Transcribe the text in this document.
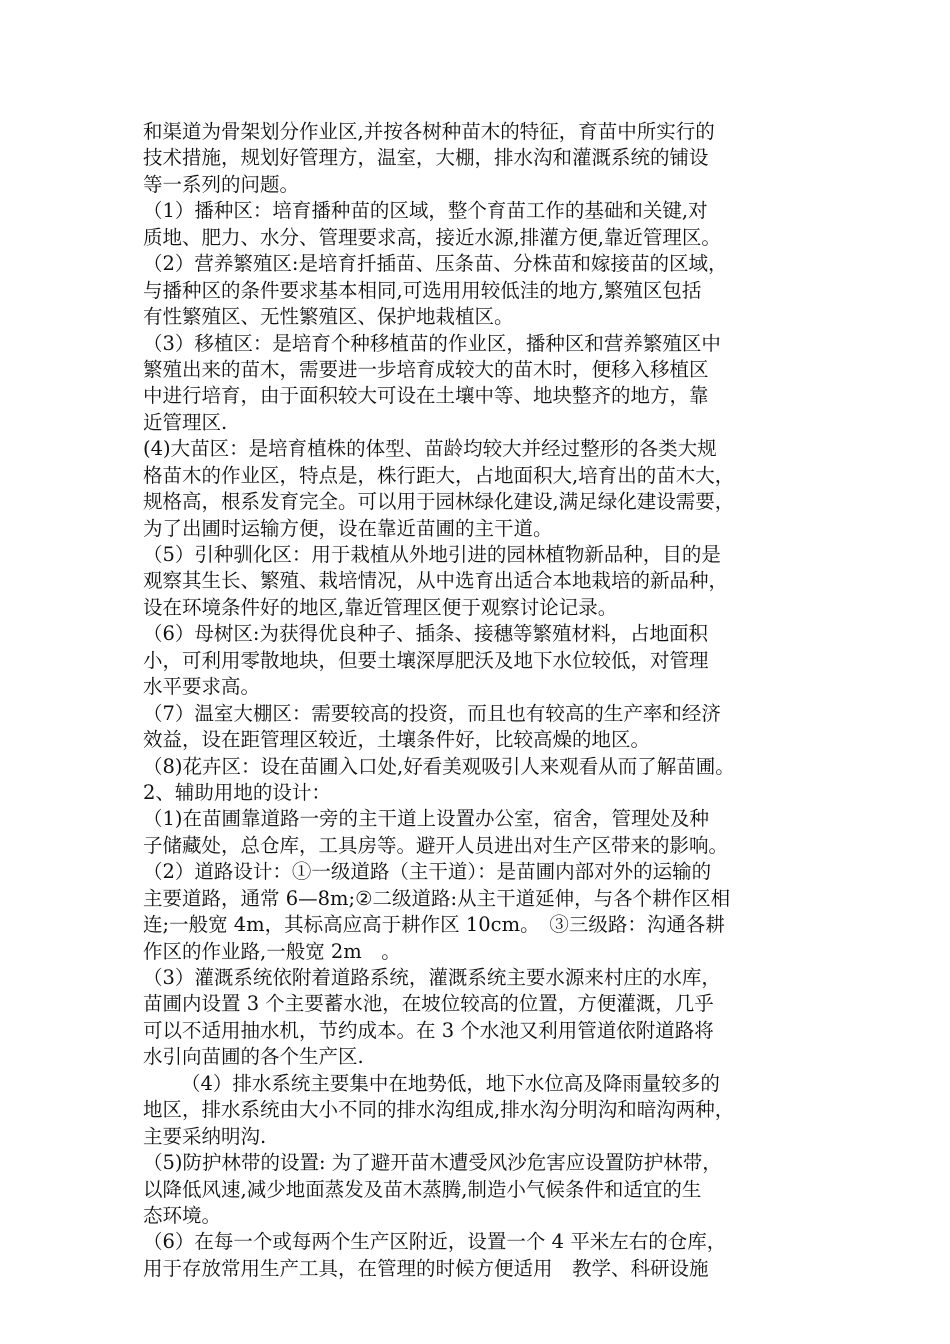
和渠道为骨架划分作业区,并按各树种苗木的特征，育苗中所实行的
技术措施，规划好管理方，温室，大棚，排水沟和灌溉系统的铺设
等一系列的问题。
（1）播种区：培育播种苗的区域，整个育苗工作的基础和关键,对
质地、肥力、水分、管理要求高，接近水源,排灌方便,靠近管理区。
（2）营养繁殖区:是培育扦插苗、压条苗、分株苗和嫁接苗的区域，
与播种区的条件要求基本相同,可选用用较低洼的地方,繁殖区包括
有性繁殖区、无性繁殖区、保护地栽植区。
（3）移植区：是培育个种移植苗的作业区，播种区和营养繁殖区中
繁殖出来的苗木，需要进一步培育成较大的苗木时，便移入移植区
中进行培育，由于面积较大可设在土壤中等、地块整齐的地方，靠
近管理区.
(4)大苗区：是培育植株的体型、苗龄均较大并经过整形的各类大规
格苗木的作业区，特点是，株行距大，占地面积大,培育出的苗木大，
规格高，根系发育完全。可以用于园林绿化建设,满足绿化建设需要，
为了出圃时运输方便，设在靠近苗圃的主干道。
（5）引种驯化区：用于栽植从外地引进的园林植物新品种，目的是
观察其生长、繁殖、栽培情况，从中选育出适合本地栽培的新品种，
设在环境条件好的地区,靠近管理区便于观察讨论记录。
（6）母树区:为获得优良种子、插条、接穗等繁殖材料，占地面积
小，可利用零散地块，但要土壤深厚肥沃及地下水位较低，对管理
水平要求高。
（7）温室大棚区：需要较高的投资，而且也有较高的生产率和经济
效益，设在距管理区较近，土壤条件好，比较高燥的地区。
（8)花卉区：设在苗圃入口处,好看美观吸引人来观看从而了解苗圃。
2、辅助用地的设计：
（1)在苗圃靠道路一旁的主干道上设置办公室，宿舍，管理处及种
子储藏处，总仓库，工具房等。避开人员进出对生产区带来的影响。
（2）道路设计：①一级道路（主干道）：是苗圃内部对外的运输的
主要道路，通常 6—8m;②二级道路:从主干道延伸，与各个耕作区相
连;一般宽 4m，其标高应高于耕作区 10cm。　③三级路：沟通各耕
作区的作业路,一般宽 2m　。
（3）灌溉系统依附着道路系统，灌溉系统主要水源来村庄的水库，
苗圃内设置 3 个主要蓄水池，在坡位较高的位置，方便灌溉，几乎
可以不适用抽水机，节约成本。在 3 个水池又利用管道依附道路将
水引向苗圃的各个生产区.
（4）排水系统主要集中在地势低，地下水位高及降雨量较多的
地区，排水系统由大小不同的排水沟组成,排水沟分明沟和暗沟两种，
主要采纳明沟.
（5)防护林带的设置: 为了避开苗木遭受风沙危害应设置防护林带，
以降低风速,减少地面蒸发及苗木蒸腾,制造小气候条件和适宜的生
态环境。
（6）在每一个或每两个生产区附近，设置一个 4 平米左右的仓库，
用于存放常用生产工具，在管理的时候方便适用　教学、科研设施
